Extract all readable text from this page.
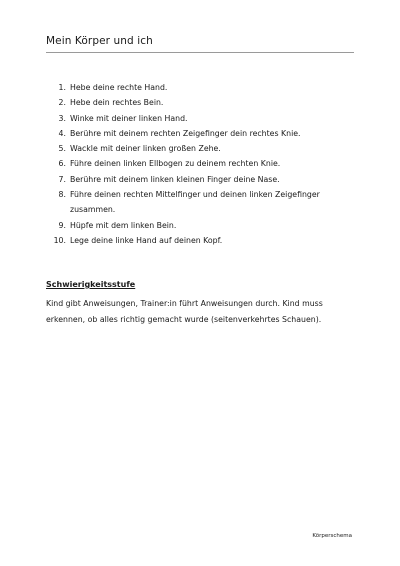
Mein Körper und ich
1. Hebe deine rechte Hand.
2. Hebe dein rechtes Bein.
3. Winke mit deiner linken Hand.
4. Berühre mit deinem rechten Zeigefinger dein rechtes Knie.
5. Wackle mit deiner linken großen Zehe.
6. Führe deinen linken Ellbogen zu deinem rechten Knie.
7. Berühre mit deinem linken kleinen Finger deine Nase.
8. Führe deinen rechten Mittelfinger und deinen linken Zeigefinger zusammen.
9. Hüpfe mit dem linken Bein.
10. Lege deine linke Hand auf deinen Kopf.
Schwierigkeitsstufe

Kind gibt Anweisungen, Trainer:in führt Anweisungen durch. Kind muss erkennen, ob alles richtig gemacht wurde (seitenverkehrtes Schauen).

Körperschema
